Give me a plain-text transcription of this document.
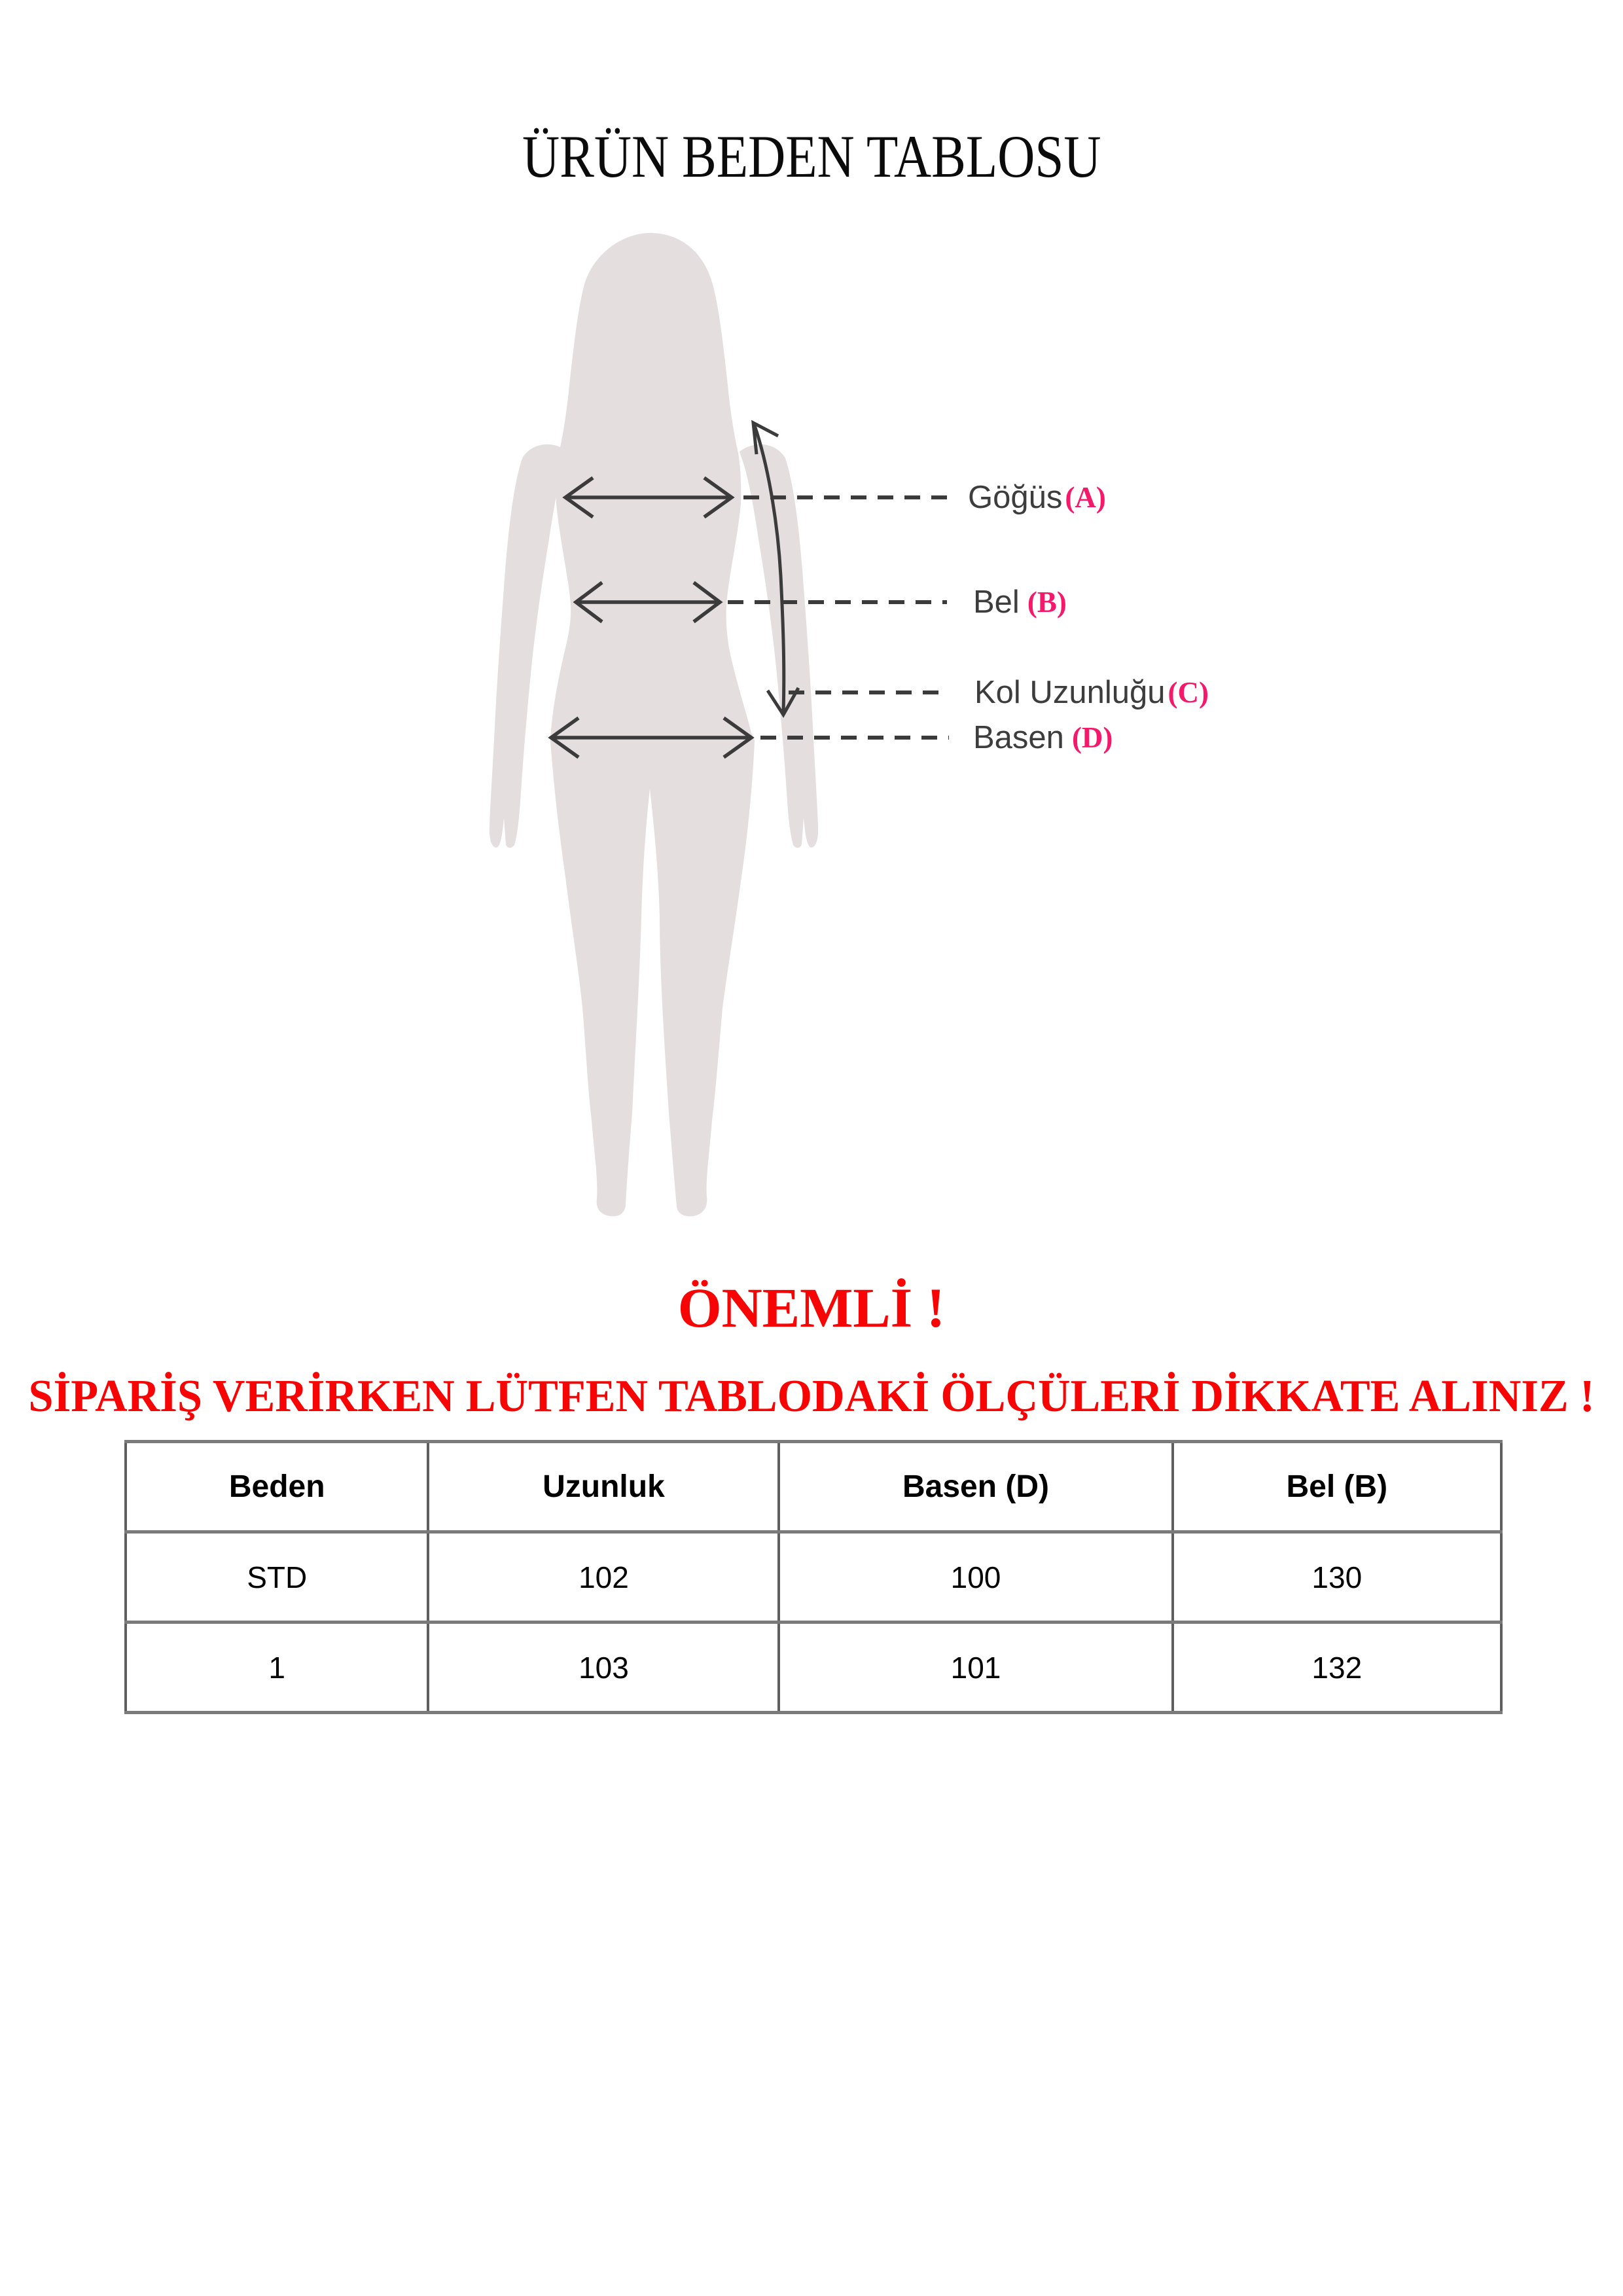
ÜRÜN BEDEN TABLOSU
Göğüs(A)
Bel (B)
Kol Uzunluğu(C)
Basen (D)
ÖNEMLİ !
SİPARİŞ VERİRKEN LÜTFEN TABLODAKİ ÖLÇÜLERİ DİKKATE ALINIZ !
Beden	Uzunluk	Basen (D)	Bel (B)
STD	102	100	130
1	103	101	132
